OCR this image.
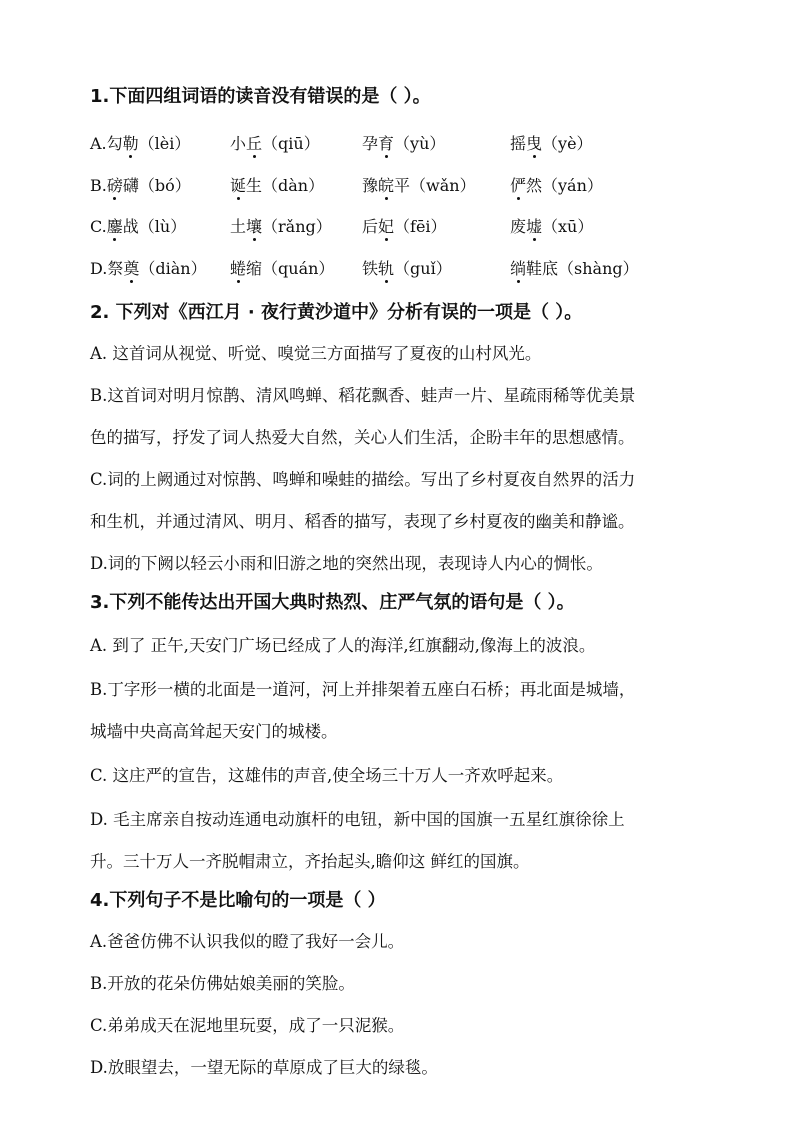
1.下面四组词语的读音没有错误的是（ ）。

A.勾勒（lèi）	小丘（qiū）	孕育（yù）	摇曳（yè）
B.磅礴（bó）	诞生（dàn）	豫皖平（wǎn）	俨然（yán）
C.鏖战（lù）	土壤（rǎng）	后妃（fēi）	废墟（xū）
D.祭奠（diàn）	蜷缩（quán）	铁轨（guǐ）	绱鞋底（shàng）

2. 下列对《西江月 · 夜行黄沙道中》分析有误的一项是（ ）。

A. 这首词从视觉、听觉、嗅觉三方面描写了夏夜的山村风光。

B.这首词对明月惊鹊、清风鸣蝉、稻花飘香、蛙声一片、星疏雨稀等优美景

色的描写，抒发了词人热爱大自然，关心人们生活，企盼丰年的思想感情。

C.词的上阙通过对惊鹊、鸣蝉和噪蛙的描绘。写出了乡村夏夜自然界的活力

和生机，并通过清风、明月、稻香的描写，表现了乡村夏夜的幽美和静谧。

D.词的下阙以轻云小雨和旧游之地的突然出现，表现诗人内心的惆怅。

3.下列不能传达出开国大典时热烈、庄严气氛的语句是（ ）。

A. 到了 正午,天安门广场已经成了人的海洋,红旗翻动,像海上的波浪。

B.丁字形一横的北面是一道河，河上并排架着五座白石桥；再北面是城墙，

城墙中央高高耸起天安门的城楼。

C. 这庄严的宣告，这雄伟的声音,使全场三十万人一齐欢呼起来。

D. 毛主席亲自按动连通电动旗杆的电钮，新中国的国旗一五星红旗徐徐上

升。三十万人一齐脱帽肃立，齐抬起头,瞻仰这 鲜红的国旗。

4.下列句子不是比喻句的一项是（ ）

A.爸爸仿佛不认识我似的瞪了我好一会儿。

B.开放的花朵仿佛姑娘美丽的笑脸。

C.弟弟成天在泥地里玩耍，成了一只泥猴。

D.放眼望去，一望无际的草原成了巨大的绿毯。
